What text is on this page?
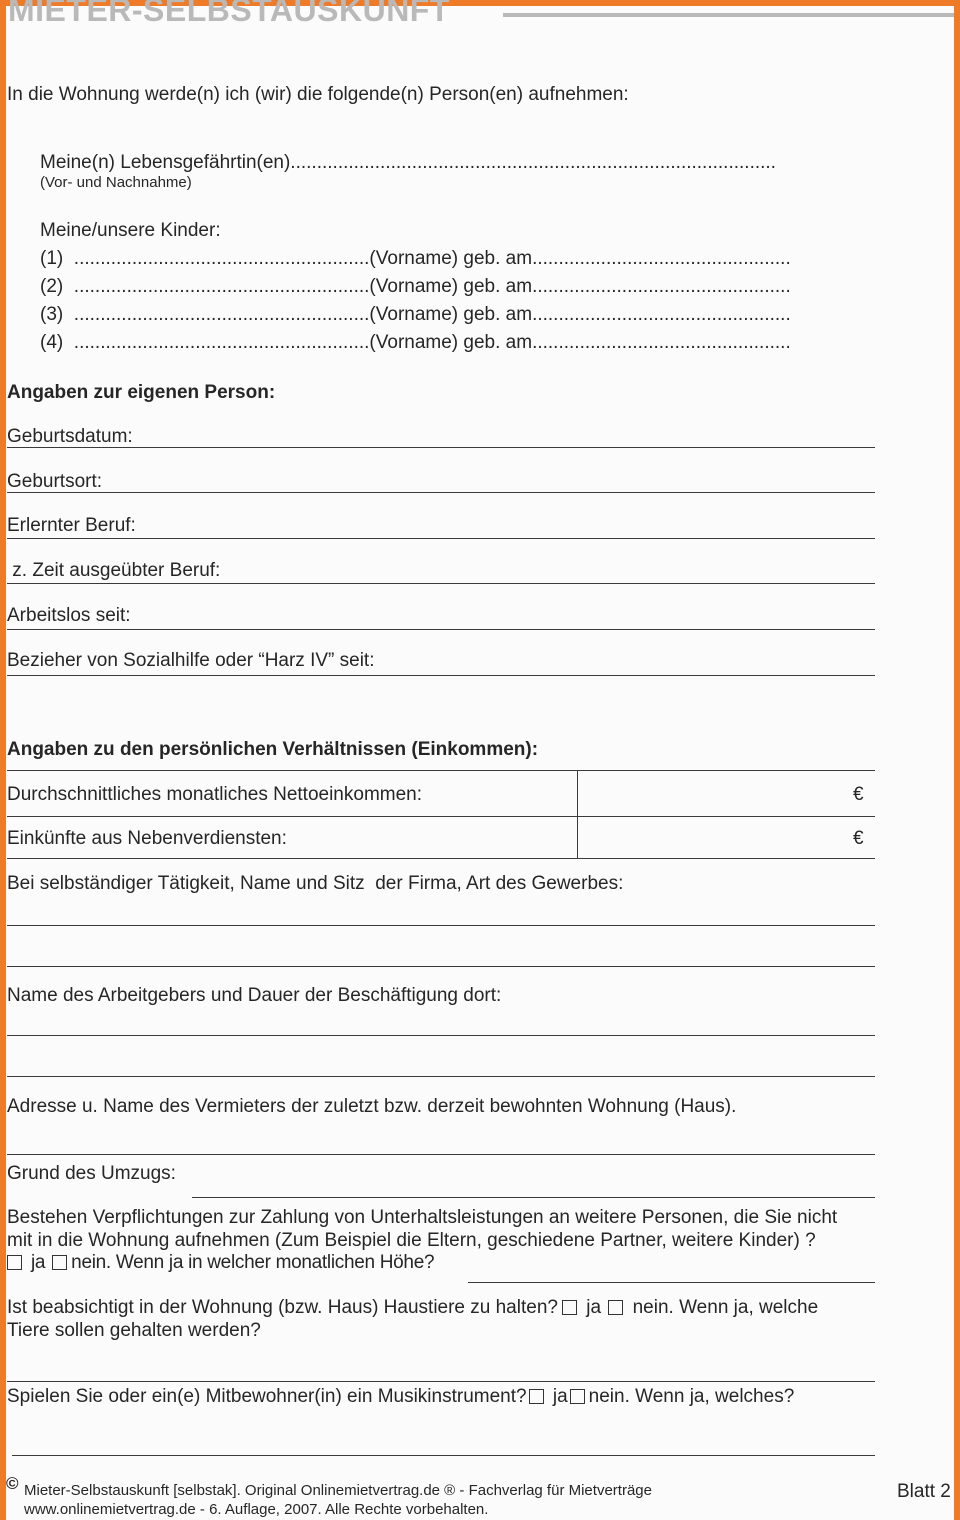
MIETER-SELBSTAUSKUNFT
In die Wohnung werde(n) ich (wir) die folgende(n) Person(en) aufnehmen:
Meine(n) Lebensgefährtin(en)............................................................................................
(Vor- und Nachnahme)
Meine/unsere Kinder:
(1) ........................................................(Vorname) geb. am.................................................
(2) ........................................................(Vorname) geb. am.................................................
(3) ........................................................(Vorname) geb. am.................................................
(4) ........................................................(Vorname) geb. am.................................................
Angaben zur eigenen Person:
Geburtsdatum:
Geburtsort:
Erlernter Beruf:
z. Zeit ausgeübter Beruf:
Arbeitslos seit:
Bezieher von Sozialhilfe oder “Harz IV” seit:
Angaben zu den persönlichen Verhältnissen (Einkommen):
Durchschnittliches monatliches Nettoeinkommen:	€
Einkünfte aus Nebenverdiensten:	€
Bei selbständiger Tätigkeit, Name und Sitz  der Firma, Art des Gewerbes:
Name des Arbeitgebers und Dauer der Beschäftigung dort:
Adresse u. Name des Vermieters der zuletzt bzw. derzeit bewohnten Wohnung (Haus).
Grund des Umzugs:
Bestehen Verpflichtungen zur Zahlung von Unterhaltsleistungen an weitere Personen, die Sie nicht
mit in die Wohnung aufnehmen (Zum Beispiel die Eltern, geschiedene Partner, weitere Kinder) ?
ja nein. Wenn ja in welcher monatlichen Höhe?
Ist beabsichtigt in der Wohnung (bzw. Haus) Haustiere zu halten? ja nein. Wenn ja, welche
Tiere sollen gehalten werden?
Spielen Sie oder ein(e) Mitbewohner(in) ein Musikinstrument? ja nein. Wenn ja, welches?
© Mieter-Selbstauskunft [selbstak]. Original Onlinemietvertrag.de ® - Fachverlag für Mietverträge
www.onlinemietvertrag.de - 6. Auflage, 2007. Alle Rechte vorbehalten.
Blatt 2
